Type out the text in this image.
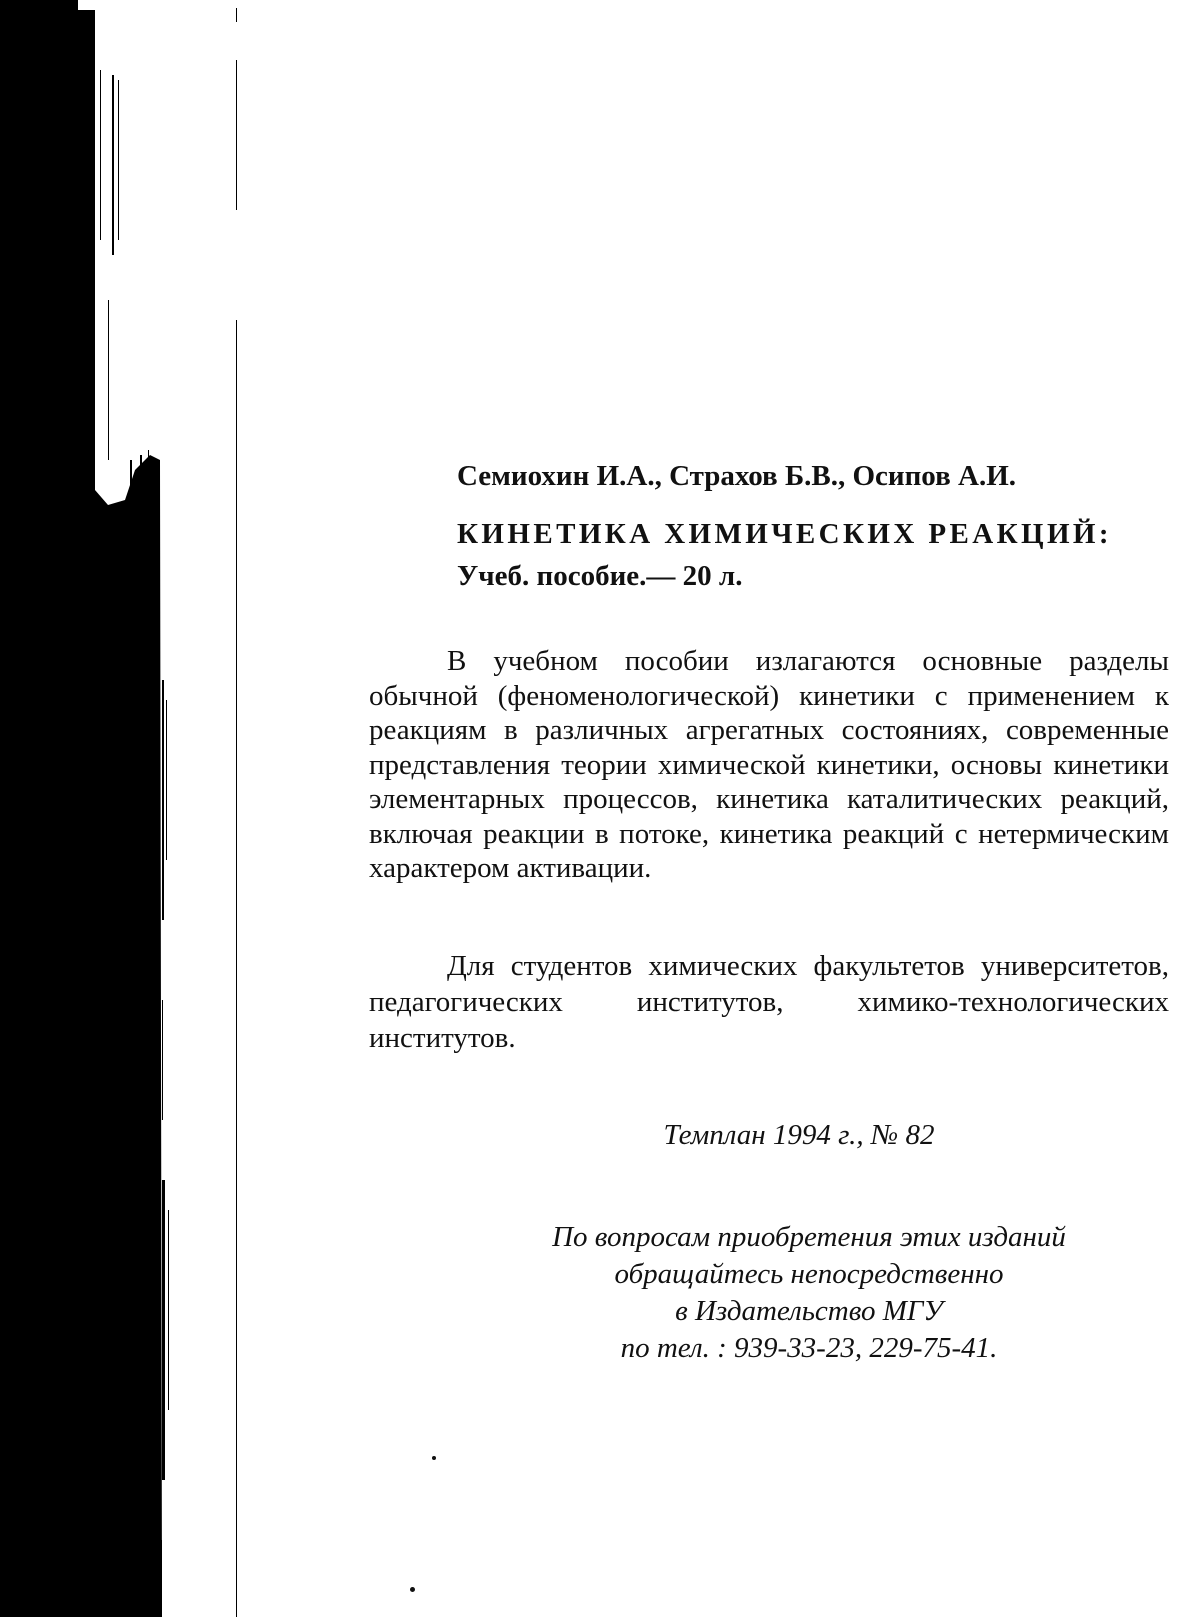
Семиохин И.А., Страхов Б.В., Осипов А.И.
КИНЕТИКА ХИМИЧЕСКИХ РЕАКЦИЙ:
Учеб. пособие.— 20 л.

В учебном пособии излагаются основные разделы обычной (феноменологической) кинетики с применением к реакциям в различных агрегатных состояниях, современные представления теории химической кинетики, основы кинетики элементарных процессов, кинетика каталитических реакций, включая реакции в потоке, кинетика реакций с нетермическим характером активации.

Для студентов химических факультетов университетов, педагогических институтов, химико-технологических институтов.

Темплан 1994 г., № 82
По вопросам приобретения этих изданий
обращайтесь непосредственно
в Издательство МГУ
по тел. : 939-33-23, 229-75-41.
